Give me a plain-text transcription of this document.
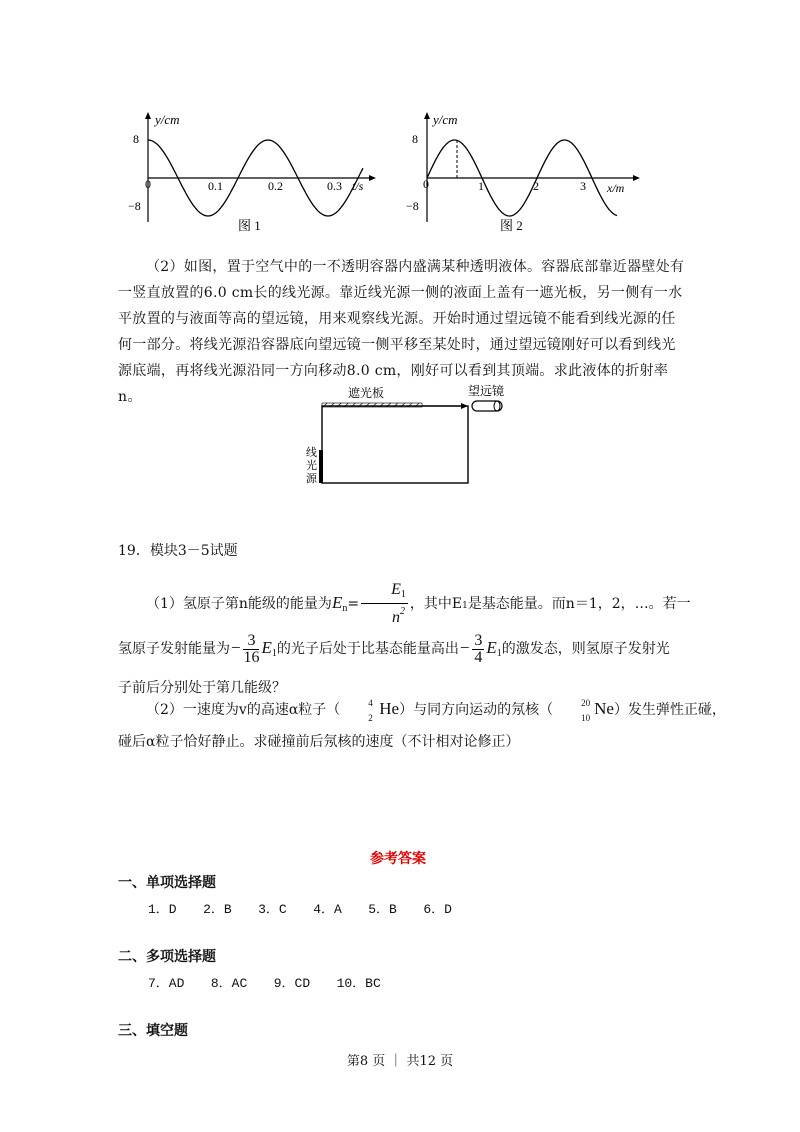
y/cm
8
−8
0	0.1	0.2	0.3 t/s
图 1
y/cm
8
−8
0	1	2	3 x/m
图 2
（2）如图，置于空气中的一不透明容器内盛满某种透明液体。容器底部靠近器壁处有一竖直放置的6.0 cm长的线光源。靠近线光源一侧的液面上盖有一遮光板，另一侧有一水平放置的与液面等高的望远镜，用来观察线光源。开始时通过望远镜不能看到线光源的任何一部分。将线光源沿容器底向望远镜一侧平移至某处时，通过望远镜刚好可以看到线光源底端，再将线光源沿同一方向移动8.0 cm，刚好可以看到其顶端。求此液体的折射率n。	遮光板	望远镜
线
光
源
19．模块3－5试题
（1）氢原子第n能级的能量为$E_n= \frac{E_1}{n^2}$ ，其中E1是基态能量。而n＝1，2，…。若一
氢原子发射能量为− $\frac{3}{16} E_1$的光子后处于比基态能量高出− $\frac{3}{4} E_1$的激发态，则氢原子发射光
子前后分别处于第几能级？
（2）一速度为v的高速α粒子（	4
2 He）与同方向运动的氖核（	20
10 Ne）发生弹性正碰，
碰后α粒子恰好静止。求碰撞前后氖核的速度（不计相对论修正）
参考答案
一、单项选择题
1．D 2．B 3．C 4．A 5．B 6．D
二、多项选择题
7．AD 8．AC 9．CD 10．BC
三、填空题
第8 页 ｜ 共12 页
